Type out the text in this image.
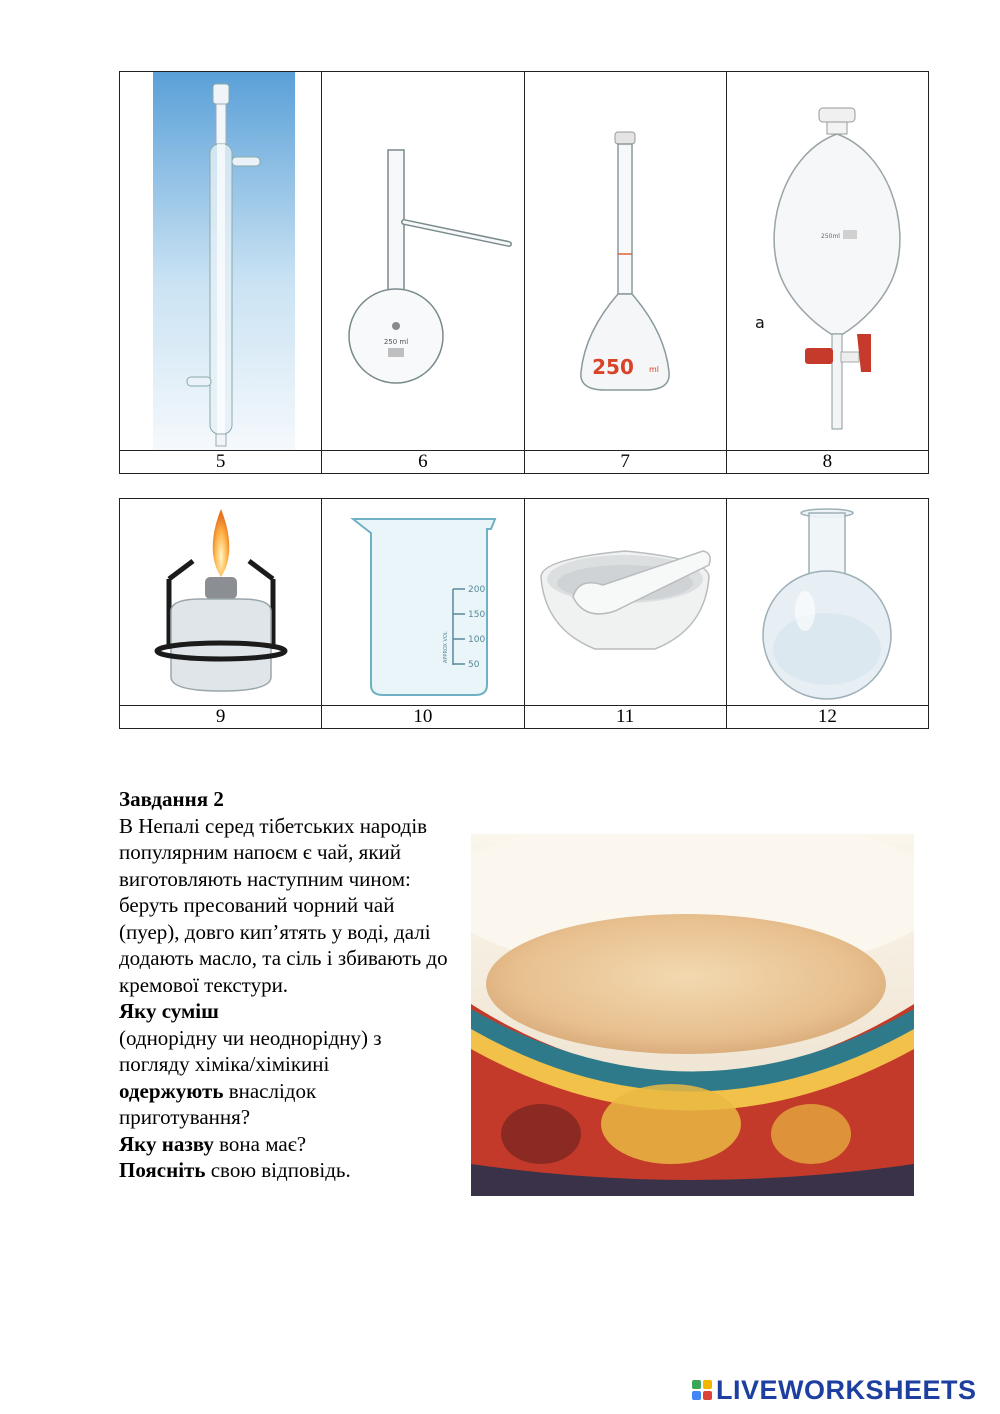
250 ml	250 ml	250ml
a

5	6	7	8

200
150
100
50
APPROX VOL

9	10	11	12

Завдання 2

В Непалі серед тібетських народів популярним напоєм є чай, який виготовляють наступним чином: беруть пресований чорний чай (пуер), довго кип’ятять у воді, далі додають масло, та сіль і збивають до кремової текстури.

Яку суміш

(однорідну чи неоднорідну) з погляду хіміка/хімікині

одержують внаслідок приготування?

Яку назву вона має?

Поясніть свою відповідь.

LIVEWORKSHEETS
